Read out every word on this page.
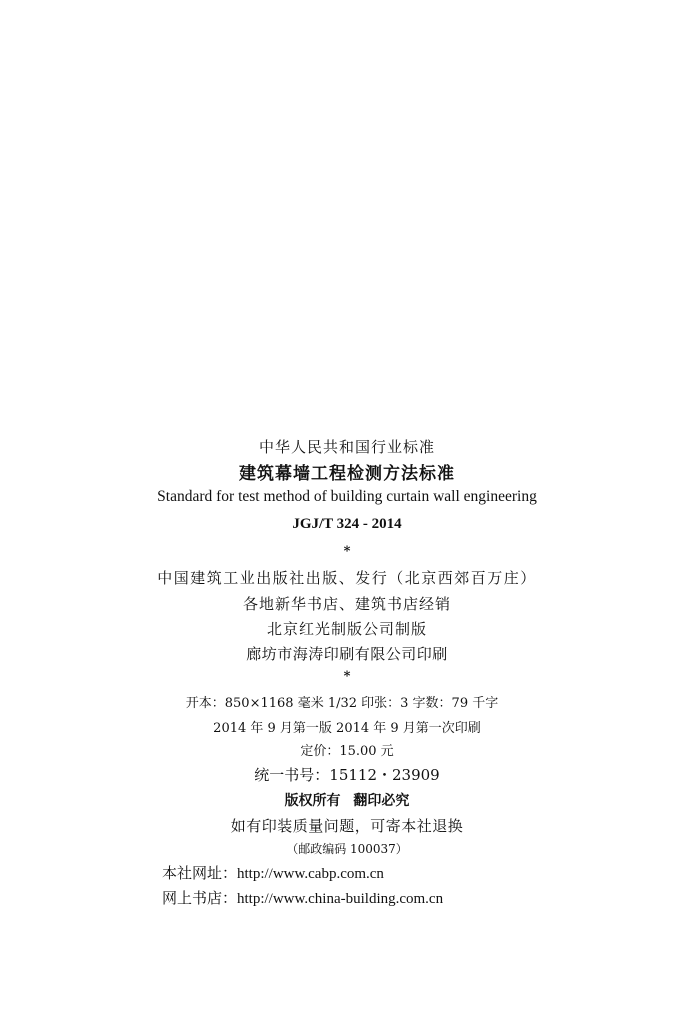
中华人民共和国行业标准
建筑幕墙工程检测方法标准
Standard for test method of building curtain wall engineering
JGJ/T 324 - 2014
*
中国建筑工业出版社出版、发行（北京西郊百万庄）
各地新华书店、建筑书店经销
北京红光制版公司制版
廊坊市海涛印刷有限公司印刷
*
开本：850×1168 毫米 1/32 印张：3 字数：79 千字
2014 年 9 月第一版 2014 年 9 月第一次印刷
定价：15.00 元
统一书号：15112・23909
版权所有 翻印必究
如有印装质量问题，可寄本社退换
（邮政编码 100037）
本社网址：http://www.cabp.com.cn
网上书店：http://www.china-building.com.cn
